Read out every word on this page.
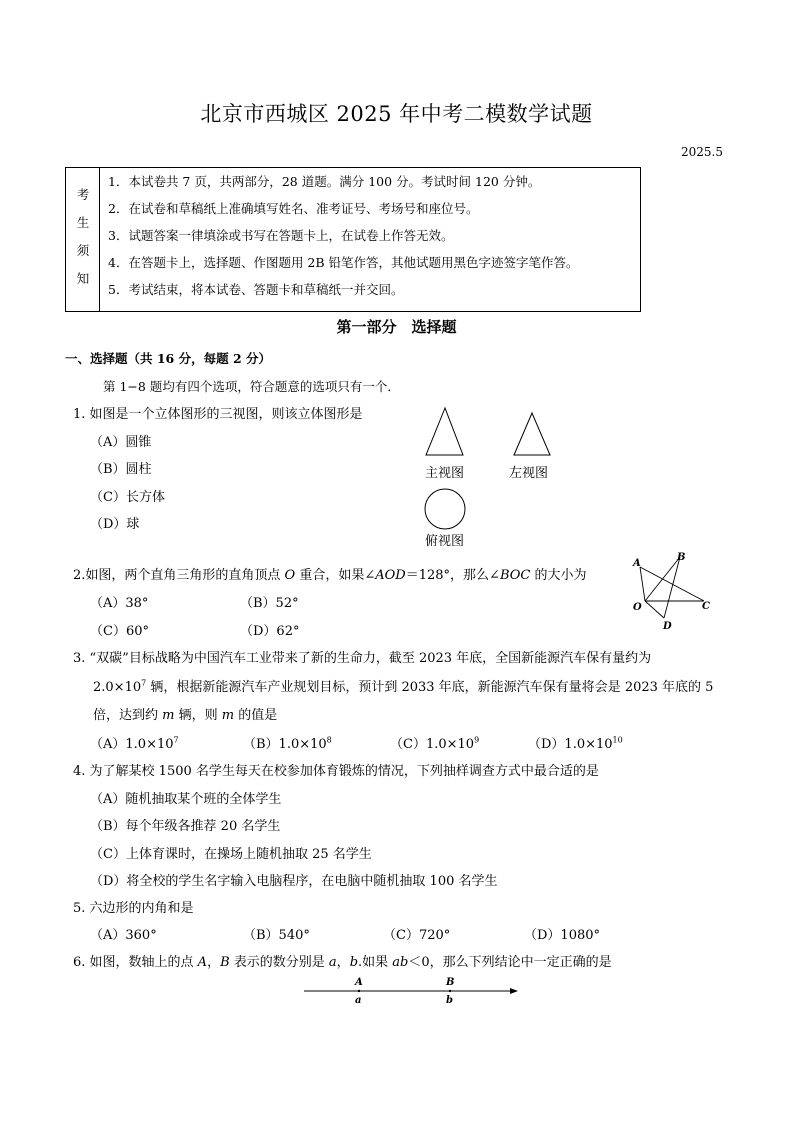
北京市西城区 2025 年中考二模数学试题
2025.5
考
生
须
知
1．本试卷共 7 页，共两部分，28 道题。满分 100 分。考试时间 120 分钟。
2．在试卷和草稿纸上准确填写姓名、准考证号、考场号和座位号。
3．试题答案一律填涂或书写在答题卡上，在试卷上作答无效。
4．在答题卡上，选择题、作图题用 2B 铅笔作答，其他试题用黑色字迹签字笔作答。
5．考试结束，将本试卷、答题卡和草稿纸一并交回。
第一部分　选择题
一、选择题（共 16 分，每题 2 分）
第 1−8 题均有四个选项，符合题意的选项只有一个．
1. 如图是一个立体图形的三视图，则该立体图形是
（A）圆锥
（B）圆柱
（C）长方体
（D）球
主视图	左视图
俯视图
2.如图，两个直角三角形的直角顶点 O 重合，如果∠AOD＝128°，那么∠BOC 的大小为
（A）38°	（B）52°
（C）60°	（D）62°
A
B
O	C
D
3. “双碳”目标战略为中国汽车工业带来了新的生命力，截至 2023 年底，全国新能源汽车保有量约为
$2.0\times 10^7$ 辆，根据新能源汽车产业规划目标，预计到 2033 年底，新能源汽车保有量将会是 2023 年底的 5
倍，达到约 m 辆，则 m 的值是
$(A)1.0\times 10^7$	$(B)1.0\times 10^8$	$(C)1.0\times 10^9$	$(D)1.0\times 10^{10}$
4. 为了解某校 1500 名学生每天在校参加体育锻炼的情况，下列抽样调查方式中最合适的是
（A）随机抽取某个班的全体学生
（B）每个年级各推荐 20 名学生
（C）上体育课时，在操场上随机抽取 25 名学生
（D）将全校的学生名字输入电脑程序，在电脑中随机抽取 100 名学生
5. 六边形的内角和是
（A）360°	（B）540°	（C）720°	（D）1080°
6. 如图，数轴上的点 A，B 表示的数分别是 a，b.如果 ab＜0，那么下列结论中一定正确的是
A
a
B
b
